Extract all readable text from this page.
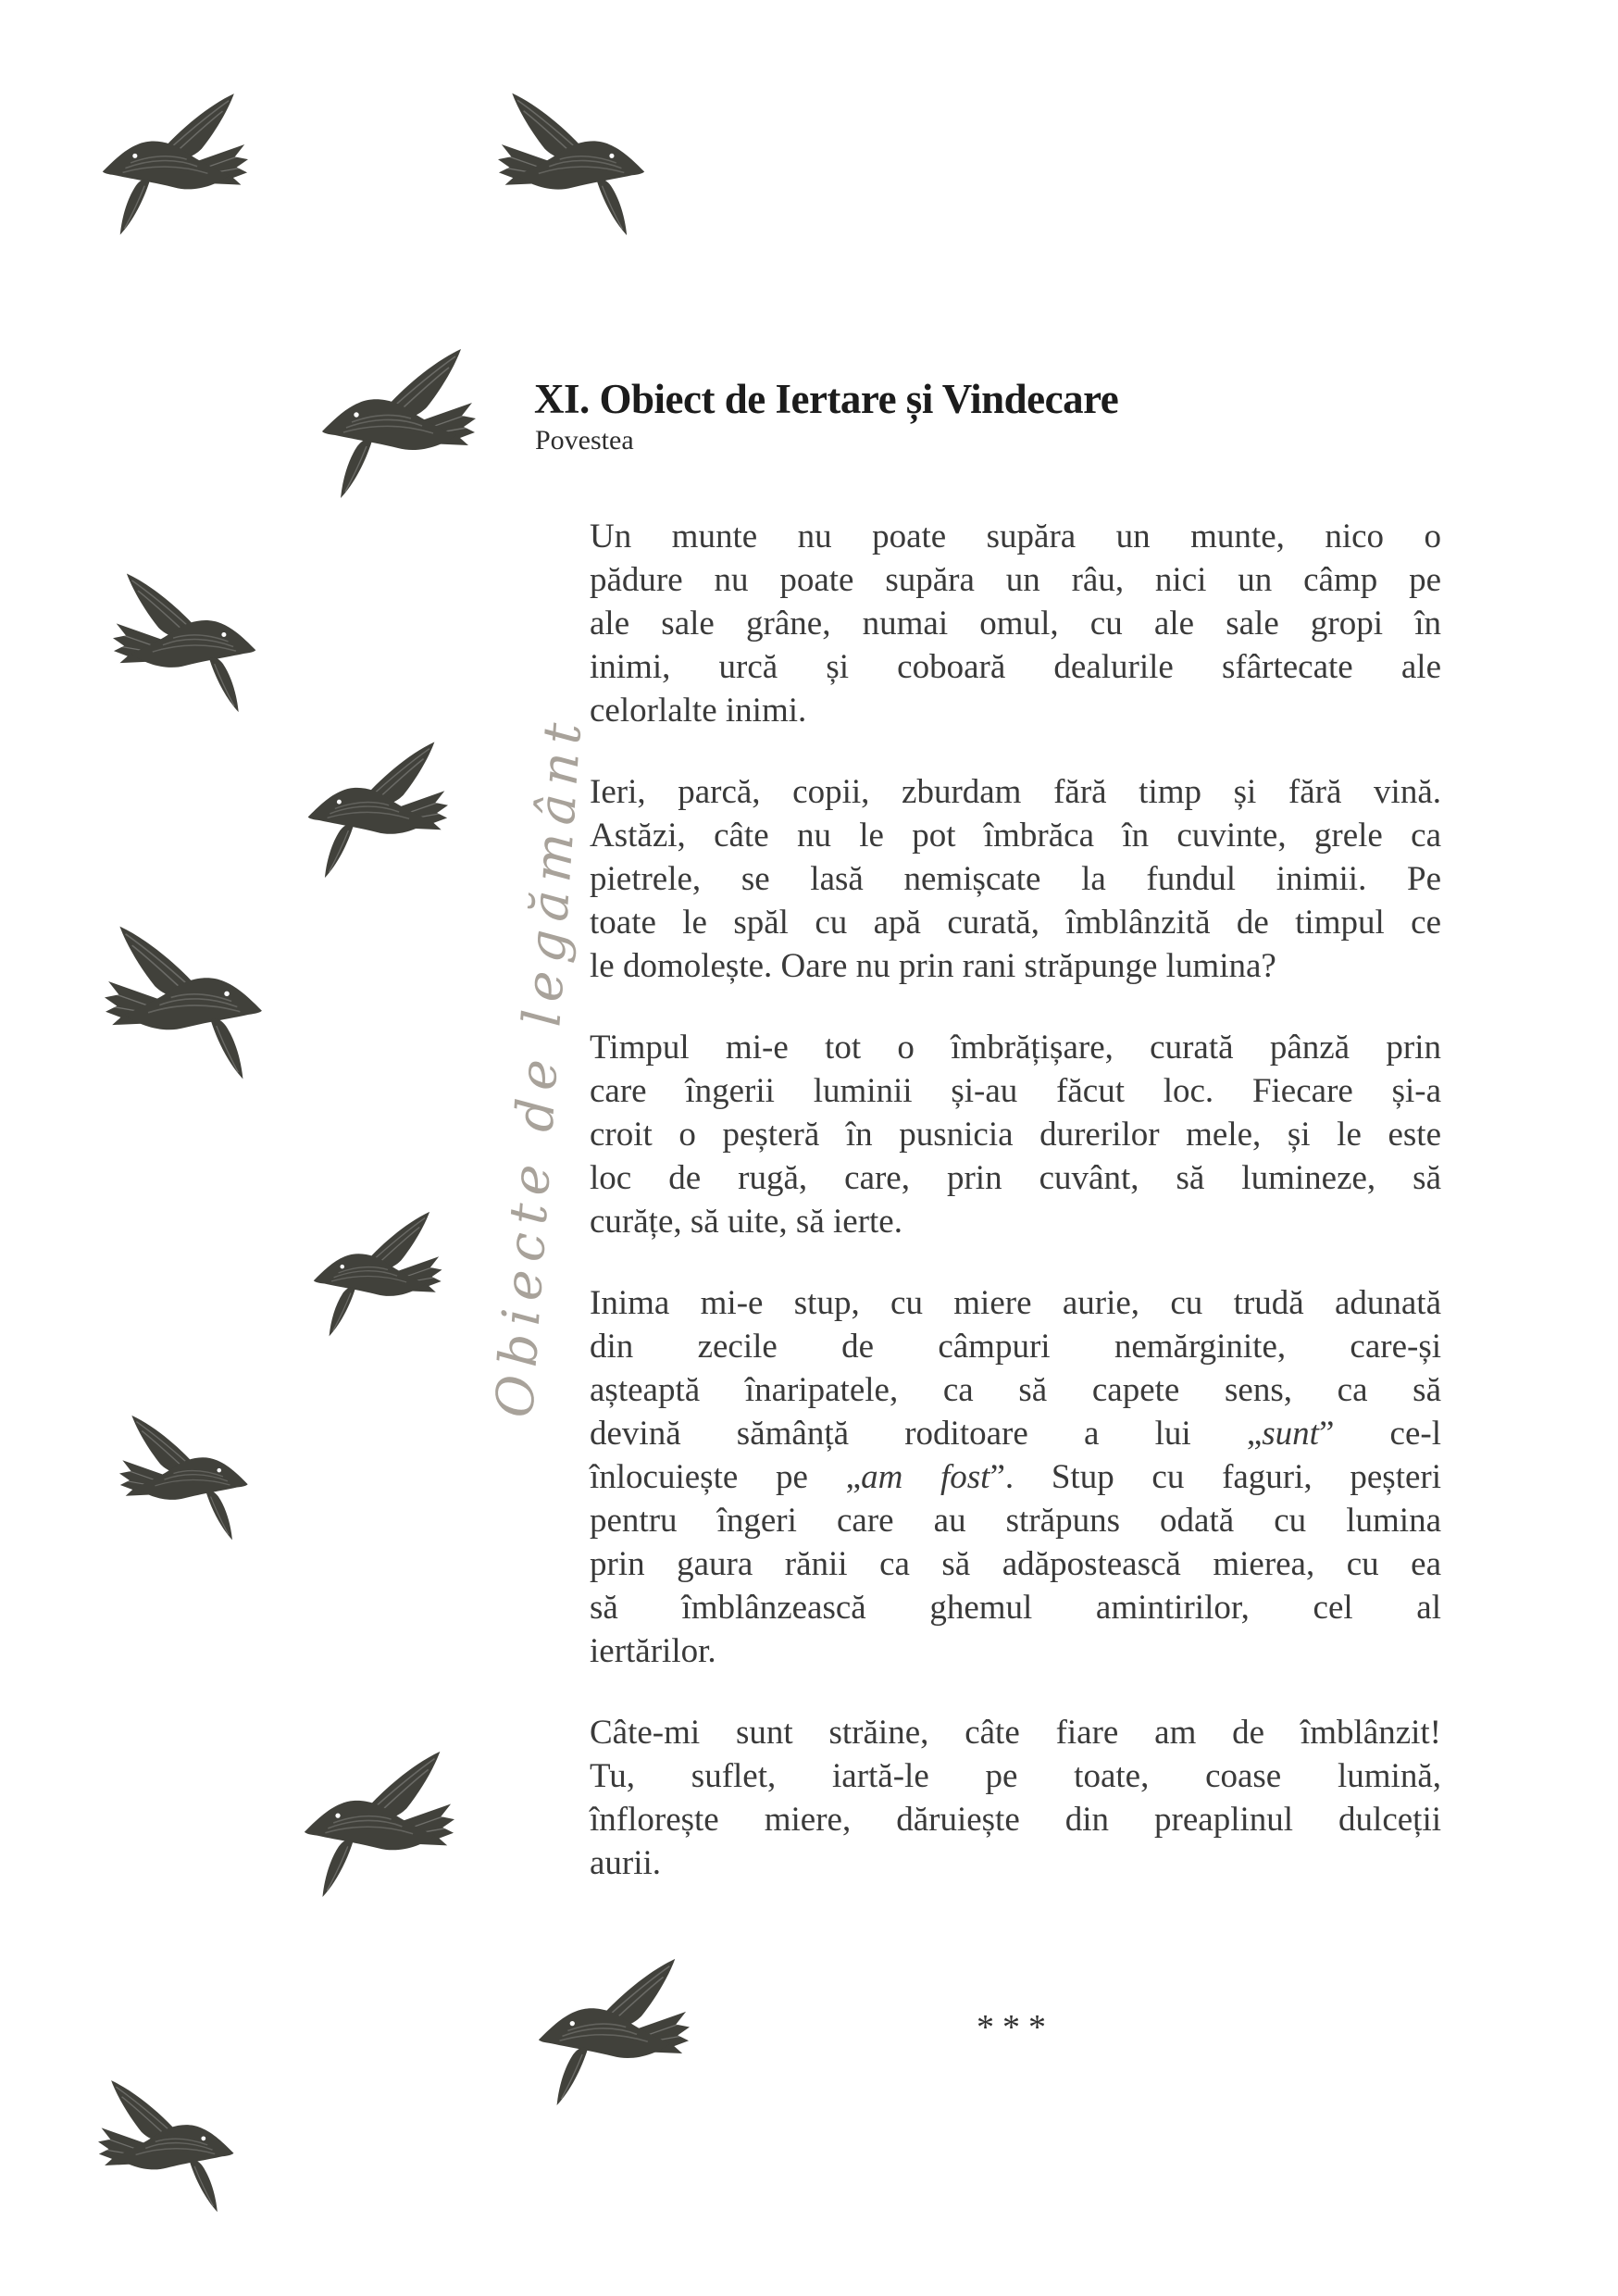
Obiecte de legământ
XI. Obiect de Iertare și Vindecare
Povestea
Un munte nu poate supăra un munte, nico o
pădure nu poate supăra un râu, nici un câmp pe
ale sale grâne, numai omul, cu ale sale gropi în
inimi, urcă și coboară dealurile sfârtecate ale
celorlalte inimi.
Ieri, parcă, copii, zburdam fără timp și fără vină.
Astăzi, câte nu le pot îmbrăca în cuvinte, grele ca
pietrele, se lasă nemișcate la fundul inimii. Pe
toate le spăl cu apă curată, îmblânzită de timpul ce
le domolește. Oare nu prin rani străpunge lumina?
Timpul mi-e tot o îmbrățișare, curată pânză prin
care îngerii luminii și-au făcut loc. Fiecare și-a
croit o peșteră în pusnicia durerilor mele, și le este
loc de rugă, care, prin cuvânt, să lumineze, să
curățe, să uite, să ierte.
Inima mi-e stup, cu miere aurie, cu trudă adunată
din zecile de câmpuri nemărginite, care-și
așteaptă înaripatele, ca să capete sens, ca să
devină sămânță roditoare a lui „sunt” ce-l
înlocuiește pe „am fost”. Stup cu faguri, peșteri
pentru îngeri care au străpuns odată cu lumina
prin gaura rănii ca să adăpostească mierea, cu ea
să îmblânzească ghemul amintirilor, cel al
iertărilor.
Câte-mi sunt străine, câte fiare am de îmblânzit!
Tu, suflet, iartă-le pe toate, coase lumină,
înflorește miere, dăruiește din preaplinul dulceții
aurii.
***
